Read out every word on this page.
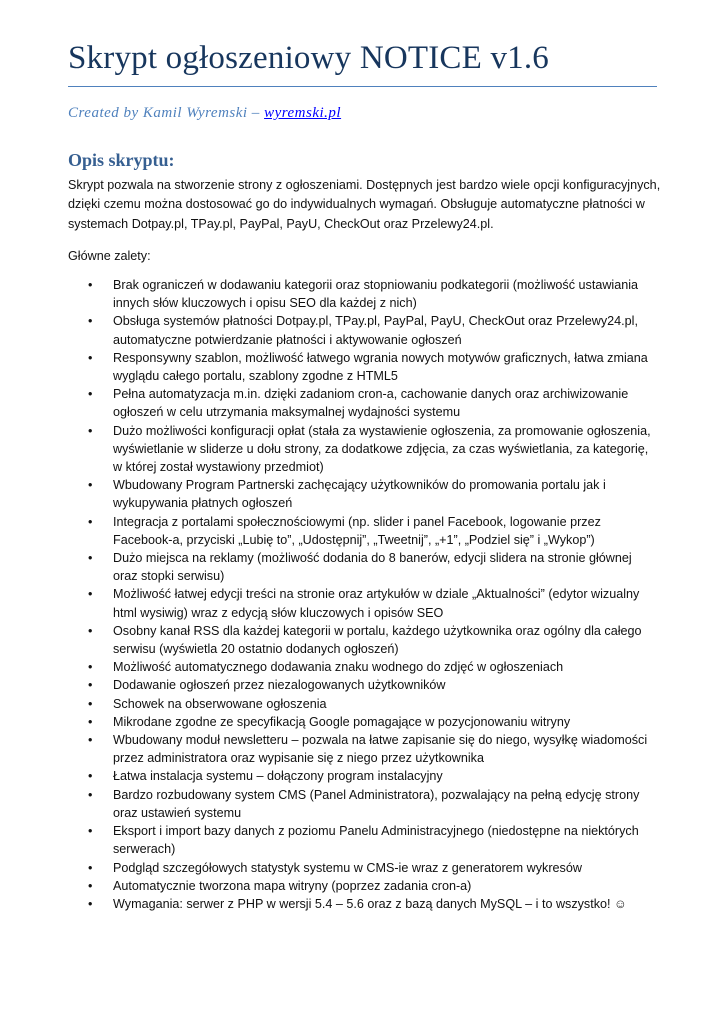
Skrypt ogłoszeniowy NOTICE v1.6

Created by Kamil Wyremski – wyremski.pl

Opis skryptu:

Skrypt pozwala na stworzenie strony z ogłoszeniami. Dostępnych jest bardzo wiele opcji konfiguracyjnych, dzięki czemu można dostosować go do indywidualnych wymagań. Obsługuje automatyczne płatności w systemach Dotpay.pl, TPay.pl, PayPal, PayU, CheckOut oraz Przelewy24.pl.

Główne zalety:

• Brak ograniczeń w dodawaniu kategorii oraz stopniowaniu podkategorii (możliwość ustawiania innych słów kluczowych i opisu SEO dla każdej z nich)
• Obsługa systemów płatności Dotpay.pl, TPay.pl, PayPal, PayU, CheckOut oraz Przelewy24.pl, automatyczne potwierdzanie płatności i aktywowanie ogłoszeń
• Responsywny szablon, możliwość łatwego wgrania nowych motywów graficznych, łatwa zmiana wyglądu całego portalu, szablony zgodne z HTML5
• Pełna automatyzacja m.in. dzięki zadaniom cron-a, cachowanie danych oraz archiwizowanie ogłoszeń w celu utrzymania maksymalnej wydajności systemu
• Dużo możliwości konfiguracji opłat (stała za wystawienie ogłoszenia, za promowanie ogłoszenia, wyświetlanie w sliderze u dołu strony, za dodatkowe zdjęcia, za czas wyświetlania, za kategorię, w której został wystawiony przedmiot)
• Wbudowany Program Partnerski zachęcający użytkowników do promowania portalu jak i wykupywania płatnych ogłoszeń
• Integracja z portalami społecznościowymi (np. slider i panel Facebook, logowanie przez Facebook-a, przyciski „Lubię to”, „Udostępnij”, „Tweetnij”, „+1”, „Podziel się” i „Wykop”)
• Dużo miejsca na reklamy (możliwość dodania do 8 banerów, edycji slidera na stronie głównej oraz stopki serwisu)
• Możliwość łatwej edycji treści na stronie oraz artykułów w dziale „Aktualności” (edytor wizualny html wysiwig) wraz z edycją słów kluczowych i opisów SEO
• Osobny kanał RSS dla każdej kategorii w portalu, każdego użytkownika oraz ogólny dla całego serwisu (wyświetla 20 ostatnio dodanych ogłoszeń)
• Możliwość automatycznego dodawania znaku wodnego do zdjęć w ogłoszeniach
• Dodawanie ogłoszeń przez niezalogowanych użytkowników
• Schowek na obserwowane ogłoszenia
• Mikrodane zgodne ze specyfikacją Google pomagające w pozycjonowaniu witryny
• Wbudowany moduł newsletteru – pozwala na łatwe zapisanie się do niego, wysyłkę wiadomości przez administratora oraz wypisanie się z niego przez użytkownika
• Łatwa instalacja systemu – dołączony program instalacyjny
• Bardzo rozbudowany system CMS (Panel Administratora), pozwalający na pełną edycję strony oraz ustawień systemu
• Eksport i import bazy danych z poziomu Panelu Administracyjnego (niedostępne na niektórych serwerach)
• Podgląd szczegółowych statystyk systemu w CMS-ie wraz z generatorem wykresów
• Automatycznie tworzona mapa witryny (poprzez zadania cron-a)
• Wymagania: serwer z PHP w wersji 5.4 – 5.6 oraz z bazą danych MySQL – i to wszystko! ☺
